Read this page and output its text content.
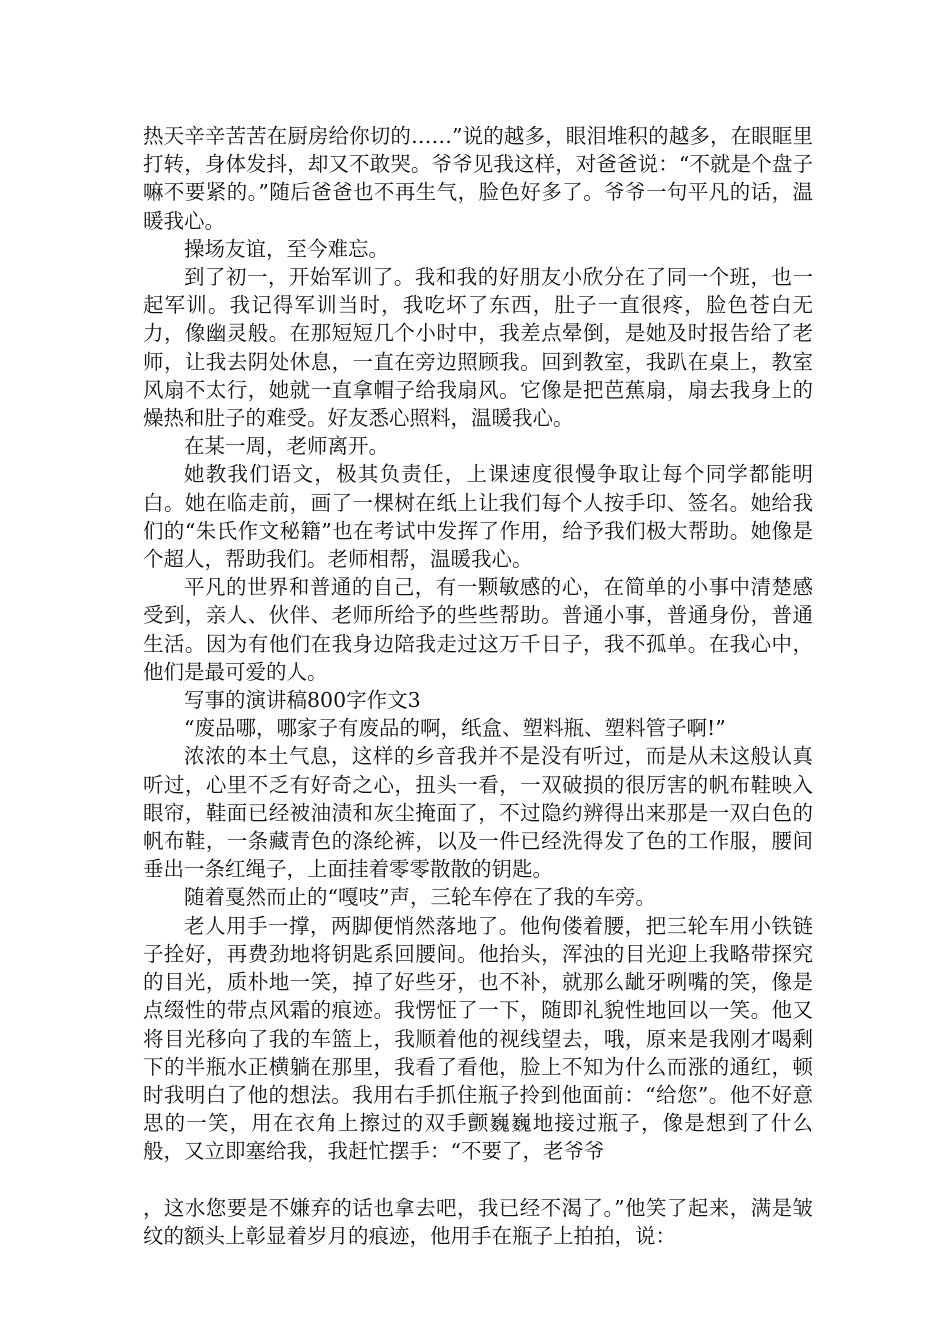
热天辛辛苦苦在厨房给你切的……”说的越多，眼泪堆积的越多，在眼眶里打转，身体发抖，却又不敢哭。爷爷见我这样，对爸爸说：“不就是个盘子嘛不要紧的。”随后爸爸也不再生气，脸色好多了。爷爷一句平凡的话，温暖我心。

操场友谊，至今难忘。

到了初一，开始军训了。我和我的好朋友小欣分在了同一个班，也一起军训。我记得军训当时，我吃坏了东西，肚子一直很疼，脸色苍白无力，像幽灵般。在那短短几个小时中，我差点晕倒，是她及时报告给了老师，让我去阴处休息，一直在旁边照顾我。回到教室，我趴在桌上，教室风扇不太行，她就一直拿帽子给我扇风。它像是把芭蕉扇，扇去我身上的燥热和肚子的难受。好友悉心照料，温暖我心。

在某一周，老师离开。

她教我们语文，极其负责任，上课速度很慢争取让每个同学都能明白。她在临走前，画了一棵树在纸上让我们每个人按手印、签名。她给我们的“朱氏作文秘籍”也在考试中发挥了作用，给予我们极大帮助。她像是个超人，帮助我们。老师相帮，温暖我心。

平凡的世界和普通的自己，有一颗敏感的心，在简单的小事中清楚感受到，亲人、伙伴、老师所给予的些些帮助。普通小事，普通身份，普通生活。因为有他们在我身边陪我走过这万千日子，我不孤单。在我心中，他们是最可爱的人。

写事的演讲稿800字作文3

“废品哪，哪家子有废品的啊，纸盒、塑料瓶、塑料管子啊!”

浓浓的本土气息，这样的乡音我并不是没有听过，而是从未这般认真听过，心里不乏有好奇之心，扭头一看，一双破损的很厉害的帆布鞋映入眼帘，鞋面已经被油渍和灰尘掩面了，不过隐约辨得出来那是一双白色的帆布鞋，一条藏青色的涤纶裤，以及一件已经洗得发了色的工作服，腰间垂出一条红绳子，上面挂着零零散散的钥匙。

随着戛然而止的“嘎吱”声，三轮车停在了我的车旁。

老人用手一撑，两脚便悄然落地了。他佝偻着腰，把三轮车用小铁链子拴好，再费劲地将钥匙系回腰间。他抬头，浑浊的目光迎上我略带探究的目光，质朴地一笑，掉了好些牙，也不补，就那么龇牙咧嘴的笑，像是点缀性的带点风霜的痕迹。我愣怔了一下，随即礼貌性地回以一笑。他又将目光移向了我的车篮上，我顺着他的视线望去，哦，原来是我刚才喝剩下的半瓶水正横躺在那里，我看了看他，脸上不知为什么而涨的通红，顿时我明白了他的想法。我用右手抓住瓶子拎到他面前：“给您”。他不好意思的一笑，用在衣角上擦过的双手颤巍巍地接过瓶子，像是想到了什么般，又立即塞给我，我赶忙摆手：“不要了，老爷爷

，这水您要是不嫌弃的话也拿去吧，我已经不渴了。”他笑了起来，满是皱纹的额头上彰显着岁月的痕迹，他用手在瓶子上拍拍，说：
